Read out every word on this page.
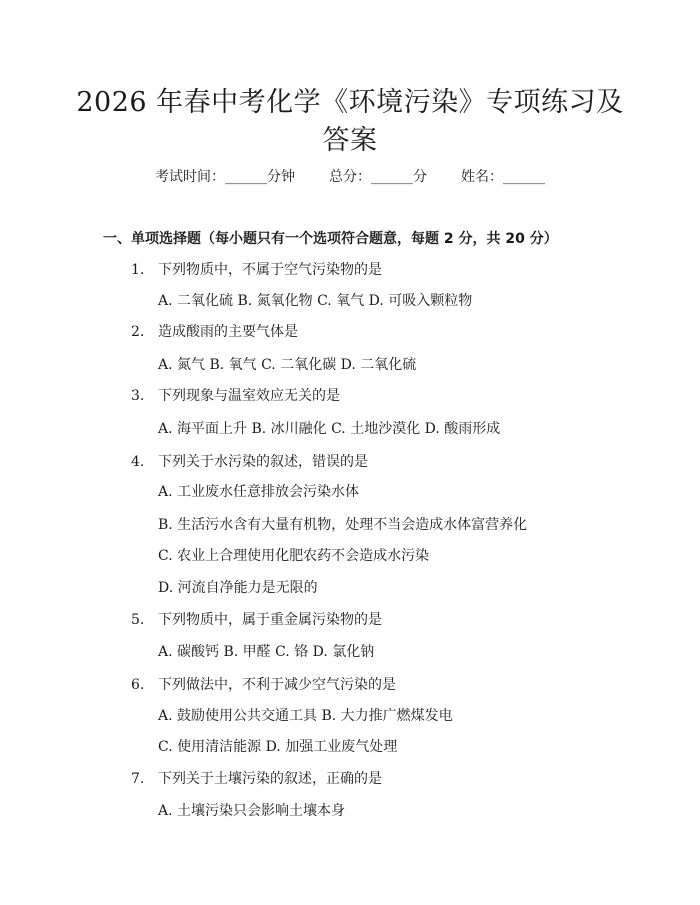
2026 年春中考化学《环境污染》专项练习及
答案
考试时间：______分钟 总分：______分 姓名：______
一、单项选择题（每小题只有一个选项符合题意，每题 2 分，共 20 分）
1. 下列物质中，不属于空气污染物的是
A. 二氧化硫 B. 氮氧化物 C. 氧气 D. 可吸入颗粒物
2. 造成酸雨的主要气体是
A. 氮气 B. 氧气 C. 二氧化碳 D. 二氧化硫
3. 下列现象与温室效应无关的是
A. 海平面上升 B. 冰川融化 C. 土地沙漠化 D. 酸雨形成
4. 下列关于水污染的叙述，错误的是
A. 工业废水任意排放会污染水体
B. 生活污水含有大量有机物，处理不当会造成水体富营养化
C. 农业上合理使用化肥农药不会造成水污染
D. 河流自净能力是无限的
5. 下列物质中，属于重金属污染物的是
A. 碳酸钙 B. 甲醛 C. 铬 D. 氯化钠
6. 下列做法中，不利于减少空气污染的是
A. 鼓励使用公共交通工具 B. 大力推广燃煤发电
C. 使用清洁能源 D. 加强工业废气处理
7. 下列关于土壤污染的叙述，正确的是
A. 土壤污染只会影响土壤本身
